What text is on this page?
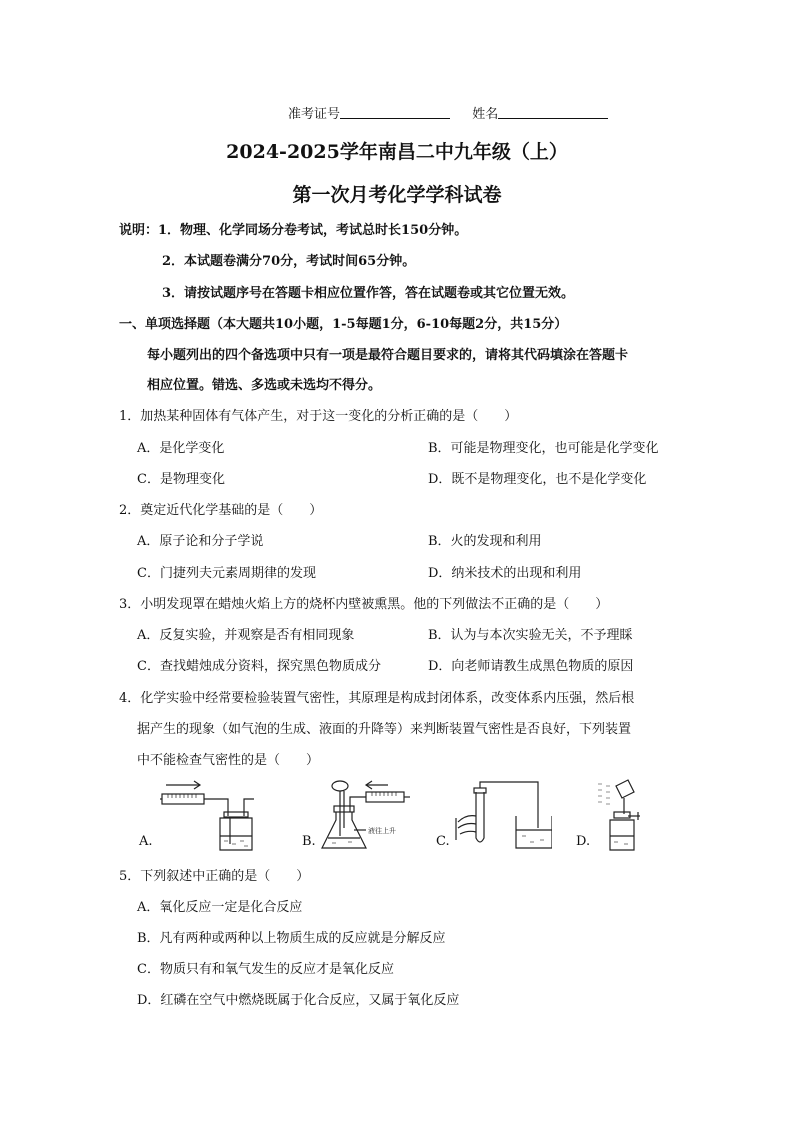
准考证号	姓名
2024-2025学年南昌二中九年级（上）
第一次月考化学学科试卷
说明：1．物理、化学同场分卷考试，考试总时长150分钟。
2．本试题卷满分70分，考试时间65分钟。
3．请按试题序号在答题卡相应位置作答，答在试题卷或其它位置无效。
一、单项选择题（本大题共10小题，1-5每题1分，6-10每题2分，共15分）
每小题列出的四个备选项中只有一项是最符合题目要求的，请将其代码填涂在答题卡
相应位置。错选、多选或未选均不得分。
1．加热某种固体有气体产生，对于这一变化的分析正确的是（　　）
A．是化学变化	B．可能是物理变化，也可能是化学变化
C．是物理变化	D．既不是物理变化，也不是化学变化
2．奠定近代化学基础的是（　　）
A．原子论和分子学说	B．火的发现和利用
C．门捷列夫元素周期律的发现	D．纳米技术的出现和利用
3．小明发现罩在蜡烛火焰上方的烧杯内壁被熏黑。他的下列做法不正确的是（　　）
A．反复实验，并观察是否有相同现象	B．认为与本次实验无关，不予理睬
C．查找蜡烛成分资料，探究黑色物质成分	D．向老师请教生成黑色物质的原因
4．化学实验中经常要检验装置气密性，其原理是构成封闭体系，改变体系内压强，然后根
据产生的现象（如气泡的生成、液面的升降等）来判断装置气密性是否良好，下列装置
中不能检查气密性的是（　　）
A.	B.
液往上升
C.	D.
5．下列叙述中正确的是（　　）
A．氧化反应一定是化合反应
B．凡有两种或两种以上物质生成的反应就是分解反应
C．物质只有和氧气发生的反应才是氧化反应
D．红磷在空气中燃烧既属于化合反应，又属于氧化反应
